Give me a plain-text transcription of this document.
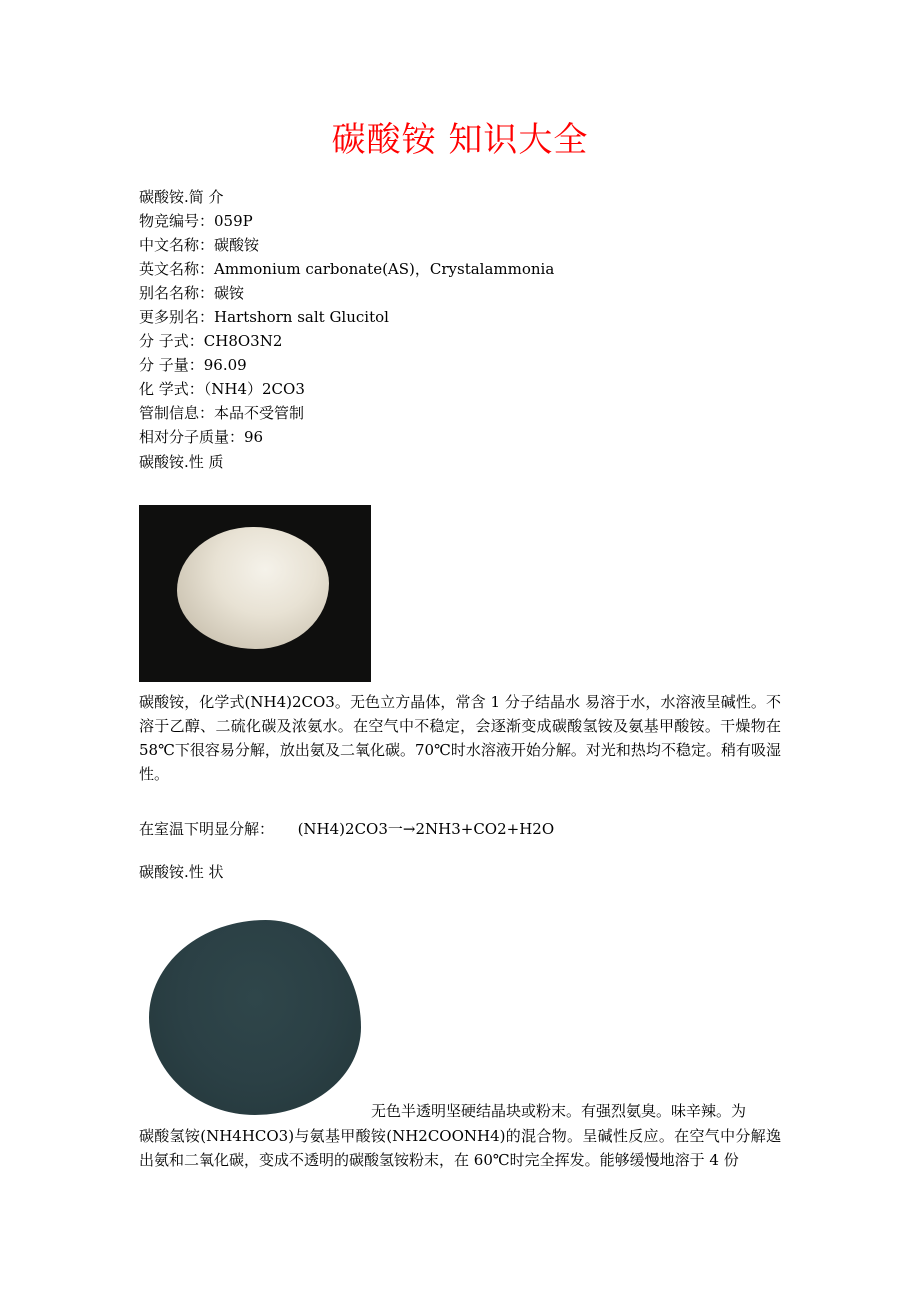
碳酸铵 知识大全
碳酸铵.简 介
物竞编号：059P
中文名称：碳酸铵
英文名称：Ammonium carbonate(AS)，Crystalammonia
别名名称：碳铵
更多别名：Hartshorn salt Glucitol
分 子式：CH8O3N2
分 子量：96.09
化 学式：（NH4）2CO3
管制信息：本品不受管制
相对分子质量：96
碳酸铵.性 质
碳酸铵，化学式(NH4)2CO3。无色立方晶体，常含 1 分子结晶水 易溶于水，水溶液呈碱性。不溶于乙醇、二硫化碳及浓氨水。在空气中不稳定，会逐渐变成碳酸氢铵及氨基甲酸铵。干燥物在 58℃下很容易分解，放出氨及二氧化碳。70℃时水溶液开始分解。对光和热均不稳定。稍有吸湿性。
在室温下明显分解： (NH4)2CO3一→2NH3+CO2+H2O
碳酸铵.性 状
无色半透明坚硬结晶块或粉末。有强烈氨臭。味辛辣。为
碳酸氢铵(NH4HCO3)与氨基甲酸铵(NH2COONH4)的混合物。呈碱性反应。在空气中分解逸出氨和二氧化碳，变成不透明的碳酸氢铵粉末，在 60℃时完全挥发。能够缓慢地溶于 4 份
